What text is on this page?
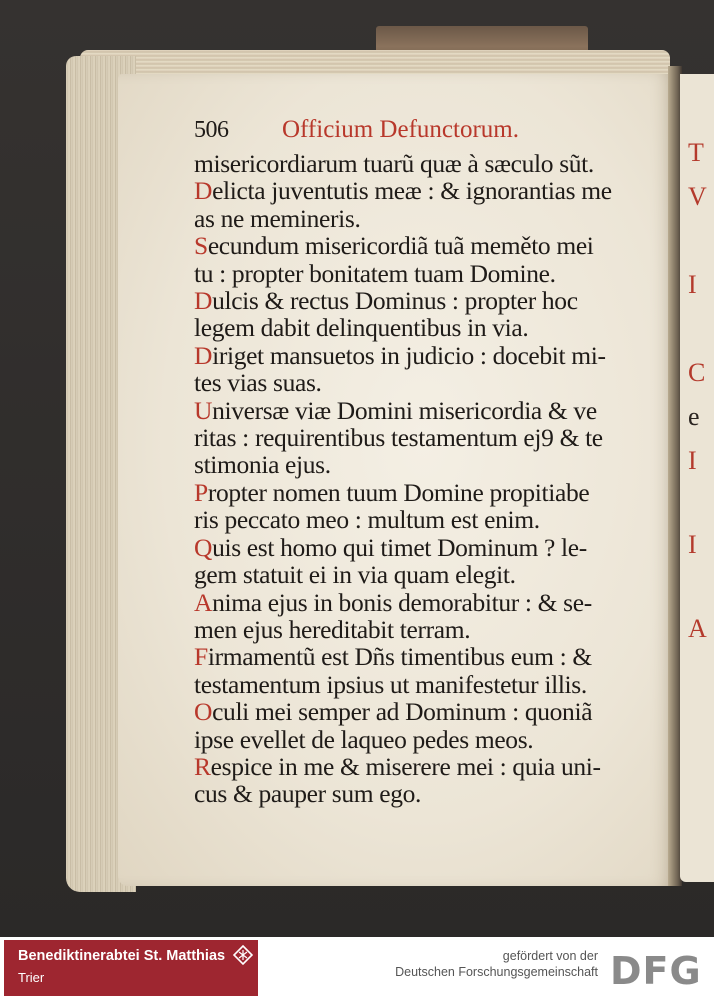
T
V
I
C
e
I
I
A
506	Officium Defunctorum.
misericordiarum tuarũ quæ à sæculo sũt.
Delicta juventutis meæ : & ignorantias me
as ne memineris.
Secundum misericordiã tuã meměto mei
tu : propter bonitatem tuam Domine.
Dulcis & rectus Dominus : propter hoc
legem dabit delinquentibus in via.
Diriget mansuetos in judicio : docebit mi-
tes vias suas.
Universæ viæ Domini misericordia & ve
ritas : requirentibus testamentum ej9 & te
stimonia ejus.
Propter nomen tuum Domine propitiabe
ris peccato meo : multum est enim.
Quis est homo qui timet Dominum ? le-
gem statuit ei in via quam elegit.
Anima ejus in bonis demorabitur : & se-
men ejus hereditabit terram.
Firmamentũ est Dñs timentibus eum : &
testamentum ipsius ut manifestetur illis.
Oculi mei semper ad Dominum : quoniã
ipse evellet de laqueo pedes meos.
Respice in me & miserere mei : quia uni-
cus & pauper sum ego.
Benediktinerabtei St. Matthias
Trier
gefördert von der
Deutschen Forschungsgemeinschaft DFG
